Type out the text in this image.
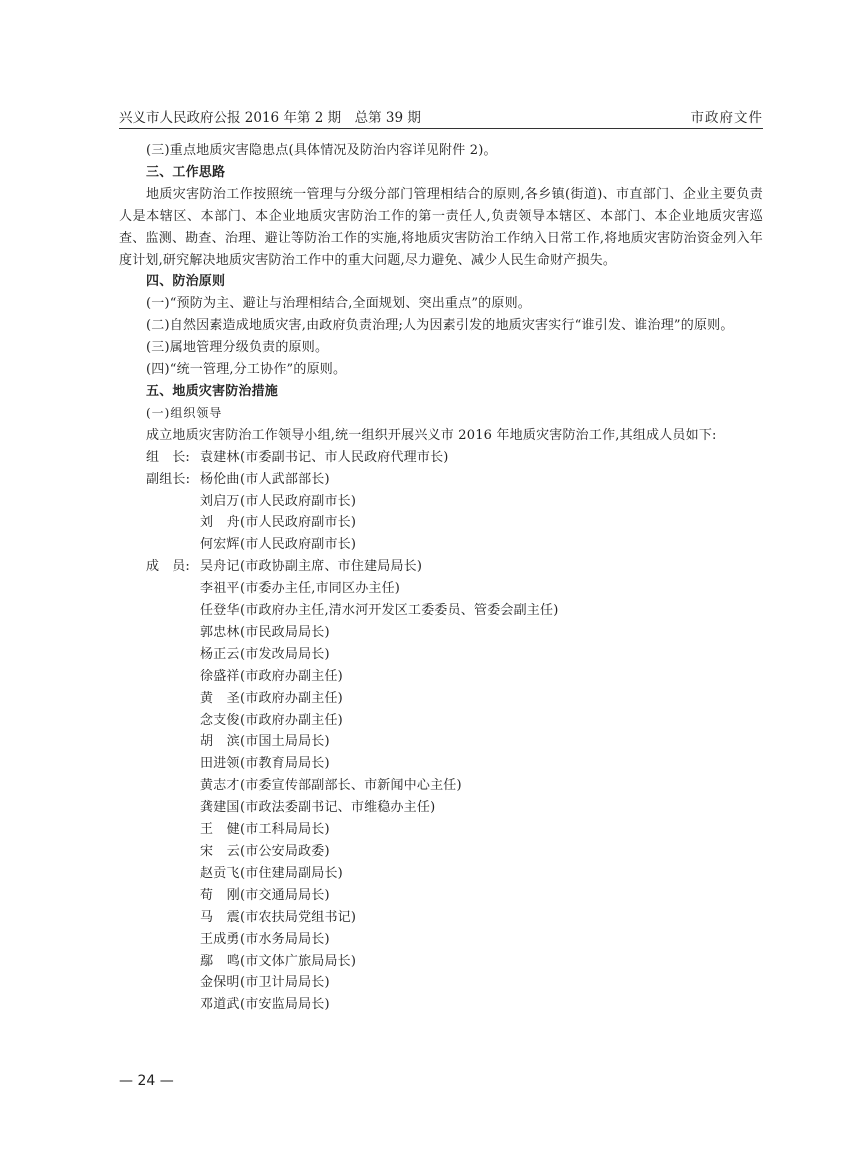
兴义市人民政府公报 2016 年第 2 期　总第 39 期	市政府文件

(三)重点地质灾害隐患点(具体情况及防治内容详见附件 2)。

三、工作思路

地质灾害防治工作按照统一管理与分级分部门管理相结合的原则,各乡镇(街道)、市直部门、企业主要负责人是本辖区、本部门、本企业地质灾害防治工作的第一责任人,负责领导本辖区、本部门、本企业地质灾害巡查、监测、勘查、治理、避让等防治工作的实施,将地质灾害防治工作纳入日常工作,将地质灾害防治资金列入年度计划,研究解决地质灾害防治工作中的重大问题,尽力避免、减少人民生命财产损失。

四、防治原则

(一)“预防为主、避让与治理相结合,全面规划、突出重点”的原则。

(二)自然因素造成地质灾害,由政府负责治理;人为因素引发的地质灾害实行“谁引发、谁治理”的原则。

(三)属地管理分级负责的原则。

(四)“统一管理,分工协作”的原则。

五、地质灾害防治措施

(一)组织领导

成立地质灾害防治工作领导小组,统一组织开展兴义市 2016 年地质灾害防治工作,其组成人员如下:

组 长: 袁建林(市委副书记、市人民政府代理市长)
副组长: 杨伦曲(市人武部部长)
刘启万(市人民政府副市长)
刘 舟 (市人民政府副市长)
何宏辉(市人民政府副市长)
成 员: 吴舟记(市政协副主席、市住建局局长)
李祖平(市委办主任,市同区办主任)
任登华(市政府办主任,清水河开发区工委委员、管委会副主任)
郭忠林(市民政局局长)
杨正云(市发改局局长)
徐盛祥(市政府办副主任)
黄 圣 (市政府办副主任)
念支俊(市政府办副主任)
胡 滨 (市国土局局长)
田进领(市教育局局长)
黄志才(市委宣传部副部长、市新闻中心主任)
龚建国(市政法委副书记、市维稳办主任)
王 健 (市工科局局长)
宋 云 (市公安局政委)
赵贡飞(市住建局副局长)
荀 刚 (市交通局局长)
马 震 (市农扶局党组书记)
王成勇(市水务局局长)
鄢 鸣 (市文体广旅局局长)
金保明(市卫计局局长)
邓道武(市安监局局长)
— 24 —
